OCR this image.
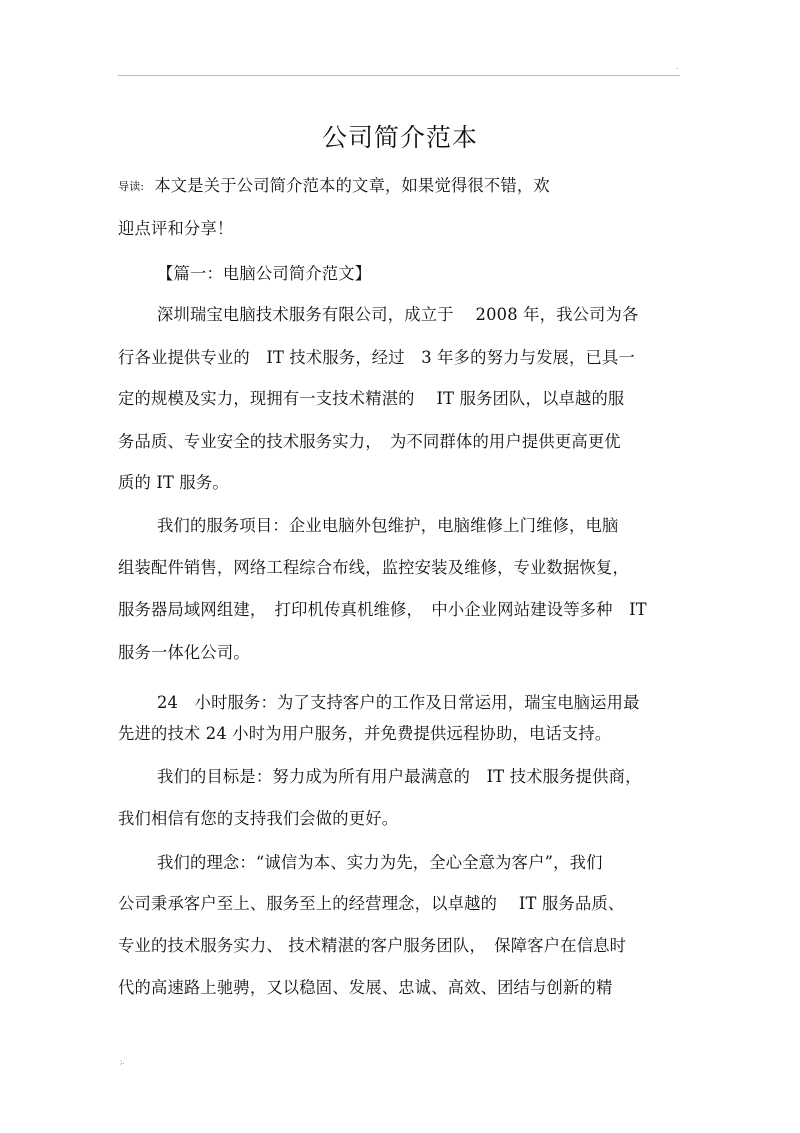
.
公司简介范本
导读: 本文是关于公司简介范本的文章，如果觉得很不错，欢
迎点评和分享！
【篇一：电脑公司简介范文】
深圳瑞宝电脑技术服务有限公司，成立于　 2008 年，我公司为各
行各业提供专业的　IT 技术服务，经过　3 年多的努力与发展，已具一
定的规模及实力，现拥有一支技术精湛的　 IT 服务团队，以卓越的服
务品质、专业安全的技术服务实力，　为不同群体的用户提供更高更优
质的 IT 服务。
我们的服务项目：企业电脑外包维护，电脑维修上门维修，电脑
组装配件销售，网络工程综合布线，监控安装及维修，专业数据恢复，
服务器局域网组建，　打印机传真机维修，　中小企业网站建设等多种　IT
服务一体化公司。
24　小时服务：为了支持客户的工作及日常运用，瑞宝电脑运用最
先进的技术 24 小时为用户服务，并免费提供远程协助，电话支持。
我们的目标是：努力成为所有用户最满意的　IT 技术服务提供商，
我们相信有您的支持我们会做的更好。
我们的理念：“诚信为本、实力为先，全心全意为客户”，我们
公司秉承客户至上、服务至上的经营理念，以卓越的　 IT 服务品质、
专业的技术服务实力、 技术精湛的客户服务团队，　保障客户在信息时
代的高速路上驰骋，又以稳固、发展、忠诚、高效、团结与创新的精
;.
